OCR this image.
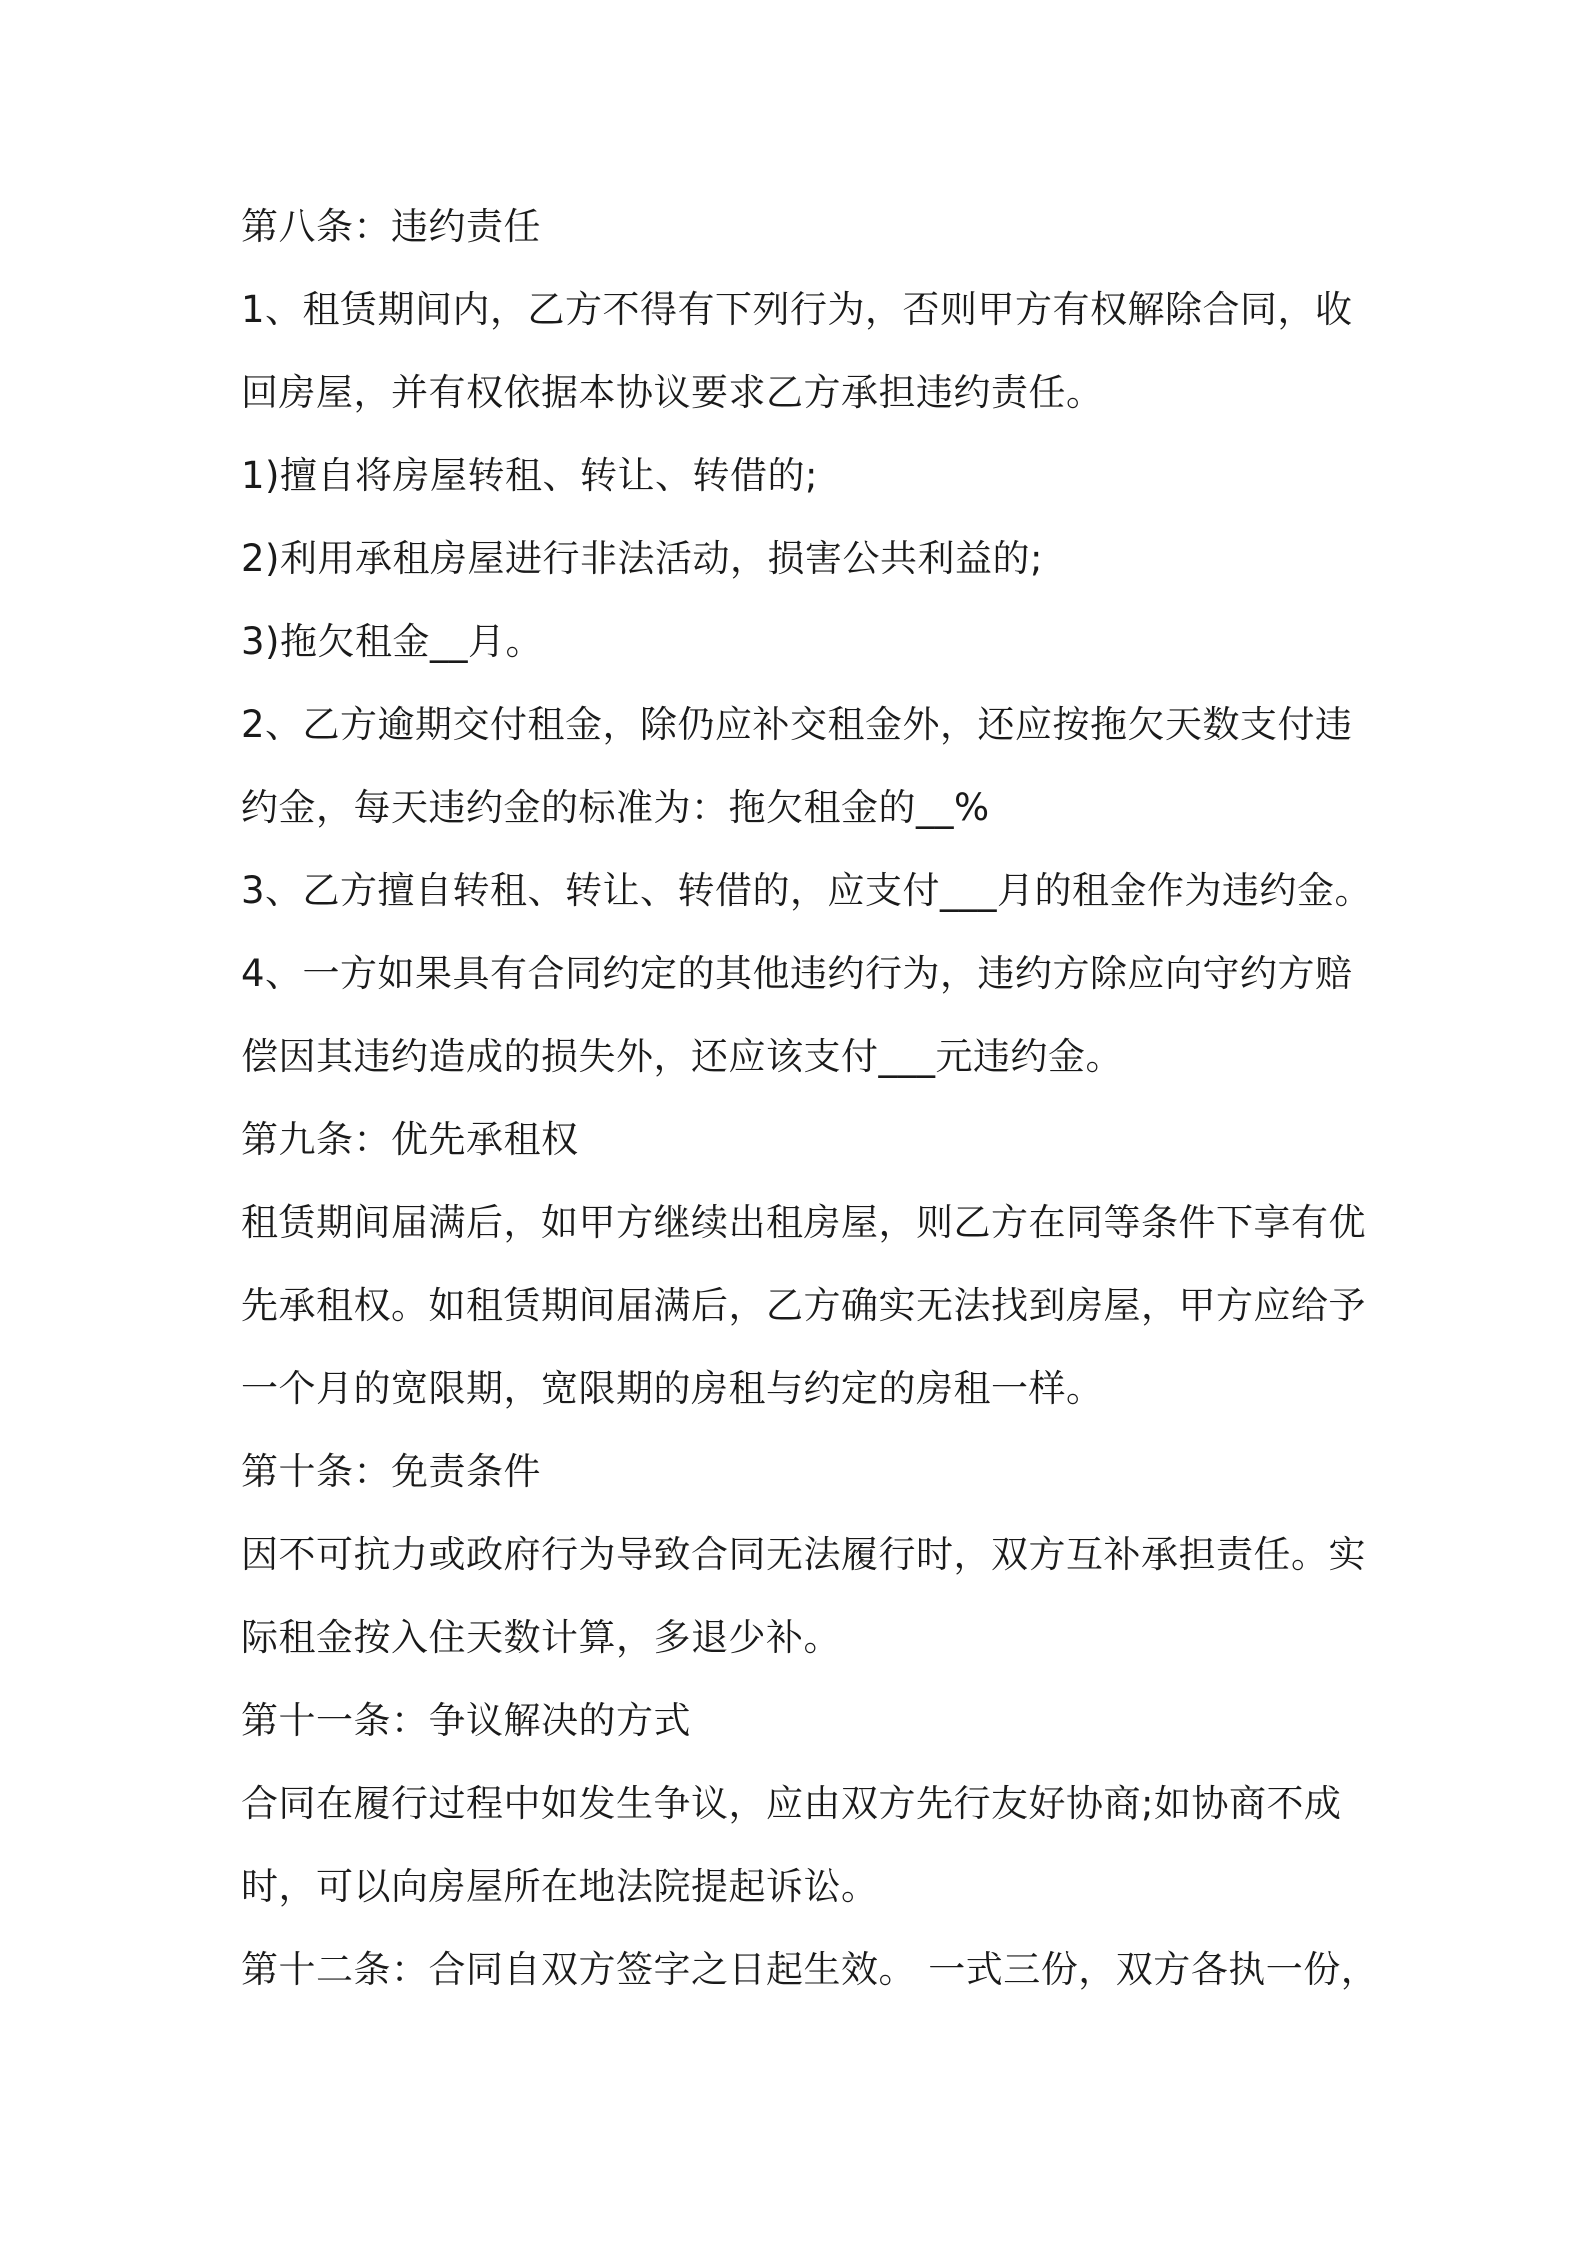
第八条：违约责任
1、租赁期间内，乙方不得有下列行为，否则甲方有权解除合同，收
回房屋，并有权依据本协议要求乙方承担违约责任。
1)擅自将房屋转租、转让、转借的;
2)利用承租房屋进行非法活动，损害公共利益的;
3)拖欠租金__月。
2、乙方逾期交付租金，除仍应补交租金外，还应按拖欠天数支付违
约金，每天违约金的标准为：拖欠租金的__%
3、乙方擅自转租、转让、转借的，应支付___月的租金作为违约金。
4、一方如果具有合同约定的其他违约行为，违约方除应向守约方赔
偿因其违约造成的损失外，还应该支付___元违约金。
第九条：优先承租权
租赁期间届满后，如甲方继续出租房屋，则乙方在同等条件下享有优
先承租权。如租赁期间届满后，乙方确实无法找到房屋，甲方应给予
一个月的宽限期，宽限期的房租与约定的房租一样。
第十条：免责条件
因不可抗力或政府行为导致合同无法履行时，双方互补承担责任。实
际租金按入住天数计算，多退少补。
第十一条：争议解决的方式
合同在履行过程中如发生争议，应由双方先行友好协商;如协商不成
时，可以向房屋所在地法院提起诉讼。
第十二条：合同自双方签字之日起生效。 一式三份，双方各执一份，
